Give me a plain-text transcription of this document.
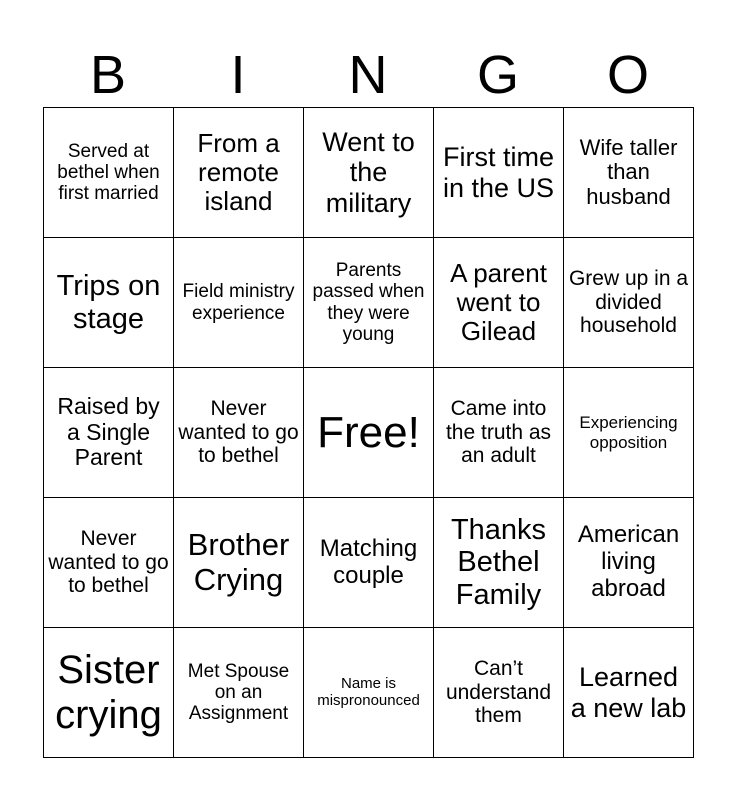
B	I	N	G	O
Served at bethel when first married	From a remote island	Went to the military	First time in the US	Wife taller than husband
Trips on stage	Field ministry experience	Parents passed when they were young	A parent went to Gilead	Grew up in a divided household
Raised by a Single Parent	Never wanted to go to bethel	Free!	Came into the truth as an adult	Experiencing opposition
Never wanted to go to bethel	Brother Crying	Matching couple	Thanks Bethel Family	American living abroad
Sister crying	Met Spouse on an Assignment	Name is mispronounced	Can’t understand them	Learned a new lab
